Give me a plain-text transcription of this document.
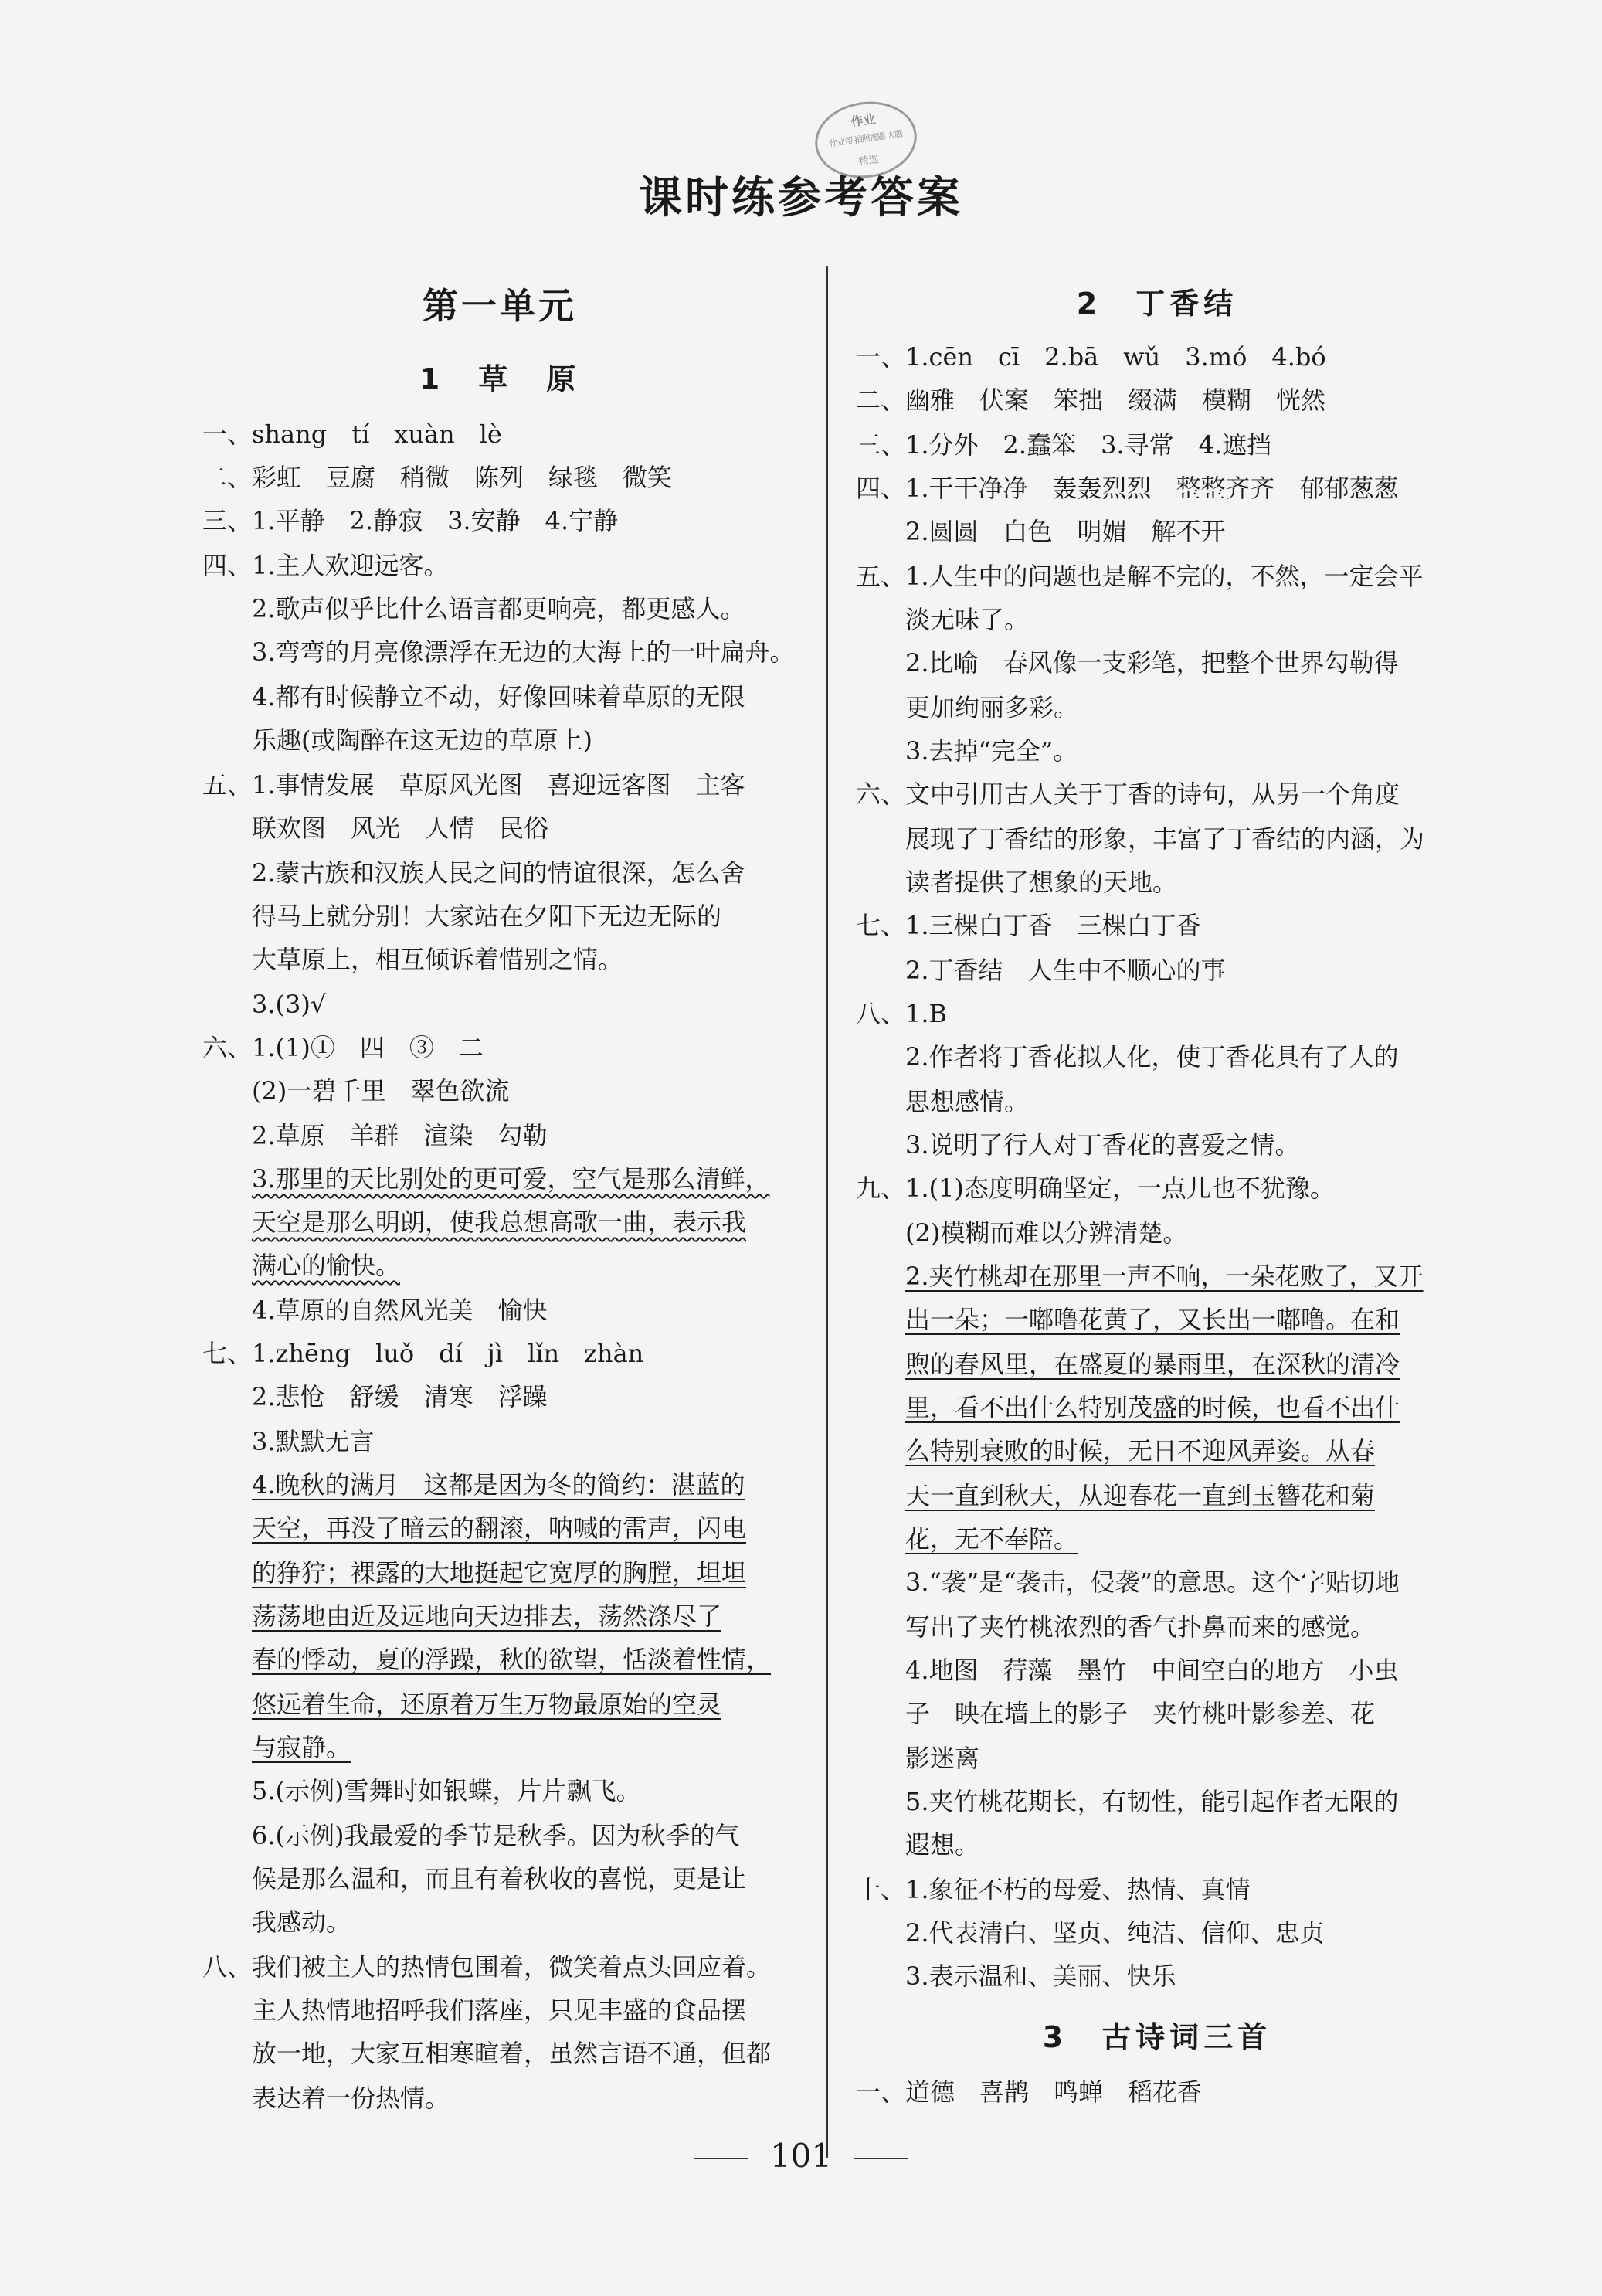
作业
作业帮 拍照搜题 大题
精选
课时练参考答案
第一单元
1　草　原
一、shang　tí　xuàn　lè
二、彩虹　豆腐　稍微　陈列　绿毯　微笑
三、1.平静　2.静寂　3.安静　4.宁静
四、1.主人欢迎远客。
2.歌声似乎比什么语言都更响亮，都更感人。
3.弯弯的月亮像漂浮在无边的大海上的一叶扁舟。
4.都有时候静立不动，好像回味着草原的无限
乐趣(或陶醉在这无边的草原上)
五、1.事情发展　草原风光图　喜迎远客图　主客
联欢图　风光　人情　民俗
2.蒙古族和汉族人民之间的情谊很深，怎么舍
得马上就分别！大家站在夕阳下无边无际的
大草原上，相互倾诉着惜别之情。
3.(3)√
六、1.(1)①　四　③　二
(2)一碧千里　翠色欲流
2.草原　羊群　渲染　勾勒
3.那里的天比别处的更可爱，空气是那么清鲜，
天空是那么明朗，使我总想高歌一曲，表示我
满心的愉快。
4.草原的自然风光美　愉快
七、1.zhēng　luǒ　dí　jì　lǐn　zhàn
2.悲怆　舒缓　清寒　浮躁
3.默默无言
4.晚秋的满月　这都是因为冬的简约：湛蓝的
天空，再没了暗云的翻滚，呐喊的雷声，闪电
的狰狞；裸露的大地挺起它宽厚的胸膛，坦坦
荡荡地由近及远地向天边排去，荡然涤尽了
春的悸动，夏的浮躁，秋的欲望，恬淡着性情，
悠远着生命，还原着万生万物最原始的空灵
与寂静。
5.(示例)雪舞时如银蝶，片片飘飞。
6.(示例)我最爱的季节是秋季。因为秋季的气
候是那么温和，而且有着秋收的喜悦，更是让
我感动。
八、我们被主人的热情包围着，微笑着点头回应着。
主人热情地招呼我们落座，只见丰盛的食品摆
放一地，大家互相寒暄着，虽然言语不通，但都
表达着一份热情。
2　丁香结
一、1.cēn　cī　2.bā　wǔ　3.mó　4.bó
二、幽雅　伏案　笨拙　缀满　模糊　恍然
三、1.分外　2.蠢笨　3.寻常　4.遮挡
四、1.干干净净　轰轰烈烈　整整齐齐　郁郁葱葱
2.圆圆　白色　明媚　解不开
五、1.人生中的问题也是解不完的，不然，一定会平
淡无味了。
2.比喻　春风像一支彩笔，把整个世界勾勒得
更加绚丽多彩。
3.去掉“完全”。
六、文中引用古人关于丁香的诗句，从另一个角度
展现了丁香结的形象，丰富了丁香结的内涵，为
读者提供了想象的天地。
七、1.三棵白丁香　三棵白丁香
2.丁香结　人生中不顺心的事
八、1.B
2.作者将丁香花拟人化，使丁香花具有了人的
思想感情。
3.说明了行人对丁香花的喜爱之情。
九、1.(1)态度明确坚定，一点儿也不犹豫。
(2)模糊而难以分辨清楚。
2.夹竹桃却在那里一声不响，一朵花败了，又开
出一朵；一嘟噜花黄了，又长出一嘟噜。在和
煦的春风里，在盛夏的暴雨里，在深秋的清冷
里，看不出什么特别茂盛的时候，也看不出什
么特别衰败的时候，无日不迎风弄姿。从春
天一直到秋天，从迎春花一直到玉簪花和菊
花，无不奉陪。
3.“袭”是“袭击，侵袭”的意思。这个字贴切地
写出了夹竹桃浓烈的香气扑鼻而来的感觉。
4.地图　荇藻　墨竹　中间空白的地方　小虫
子　映在墙上的影子　夹竹桃叶影参差、花
影迷离
5.夹竹桃花期长，有韧性，能引起作者无限的
遐想。
十、1.象征不朽的母爱、热情、真情
2.代表清白、坚贞、纯洁、信仰、忠贞
3.表示温和、美丽、快乐
3　古诗词三首
一、道德　喜鹊　鸣蝉　稻花香
101
